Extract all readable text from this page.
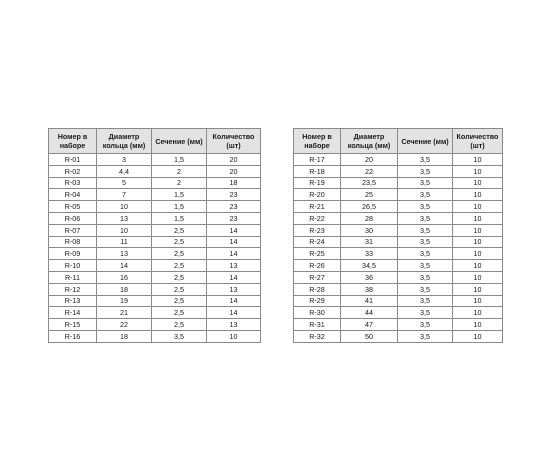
Номер в наборе	Диаметр кольца (мм)	Сечение (мм)	Количество (шт)
R-01	3	1,5	20
R-02	4,4	2	20
R-03	5	2	18
R-04	7	1,5	23
R-05	10	1,5	23
R-06	13	1,5	23
R-07	10	2,5	14
R-08	11	2,5	14
R-09	13	2,5	14
R-10	14	2,5	13
R-11	16	2,5	14
R-12	18	2,5	13
R-13	19	2,5	14
R-14	21	2,5	14
R-15	22	2,5	13
R-16	18	3,5	10
Номер в наборе	Диаметр кольца (мм)	Сечение (мм)	Количество (шт)
R-17	20	3,5	10
R-18	22	3,5	10
R-19	23,5	3,5	10
R-20	25	3,5	10
R-21	26,5	3,5	10
R-22	28	3,5	10
R-23	30	3,5	10
R-24	31	3,5	10
R-25	33	3,5	10
R-26	34,5	3,5	10
R-27	36	3,5	10
R-28	38	3,5	10
R-29	41	3,5	10
R-30	44	3,5	10
R-31	47	3,5	10
R-32	50	3,5	10
